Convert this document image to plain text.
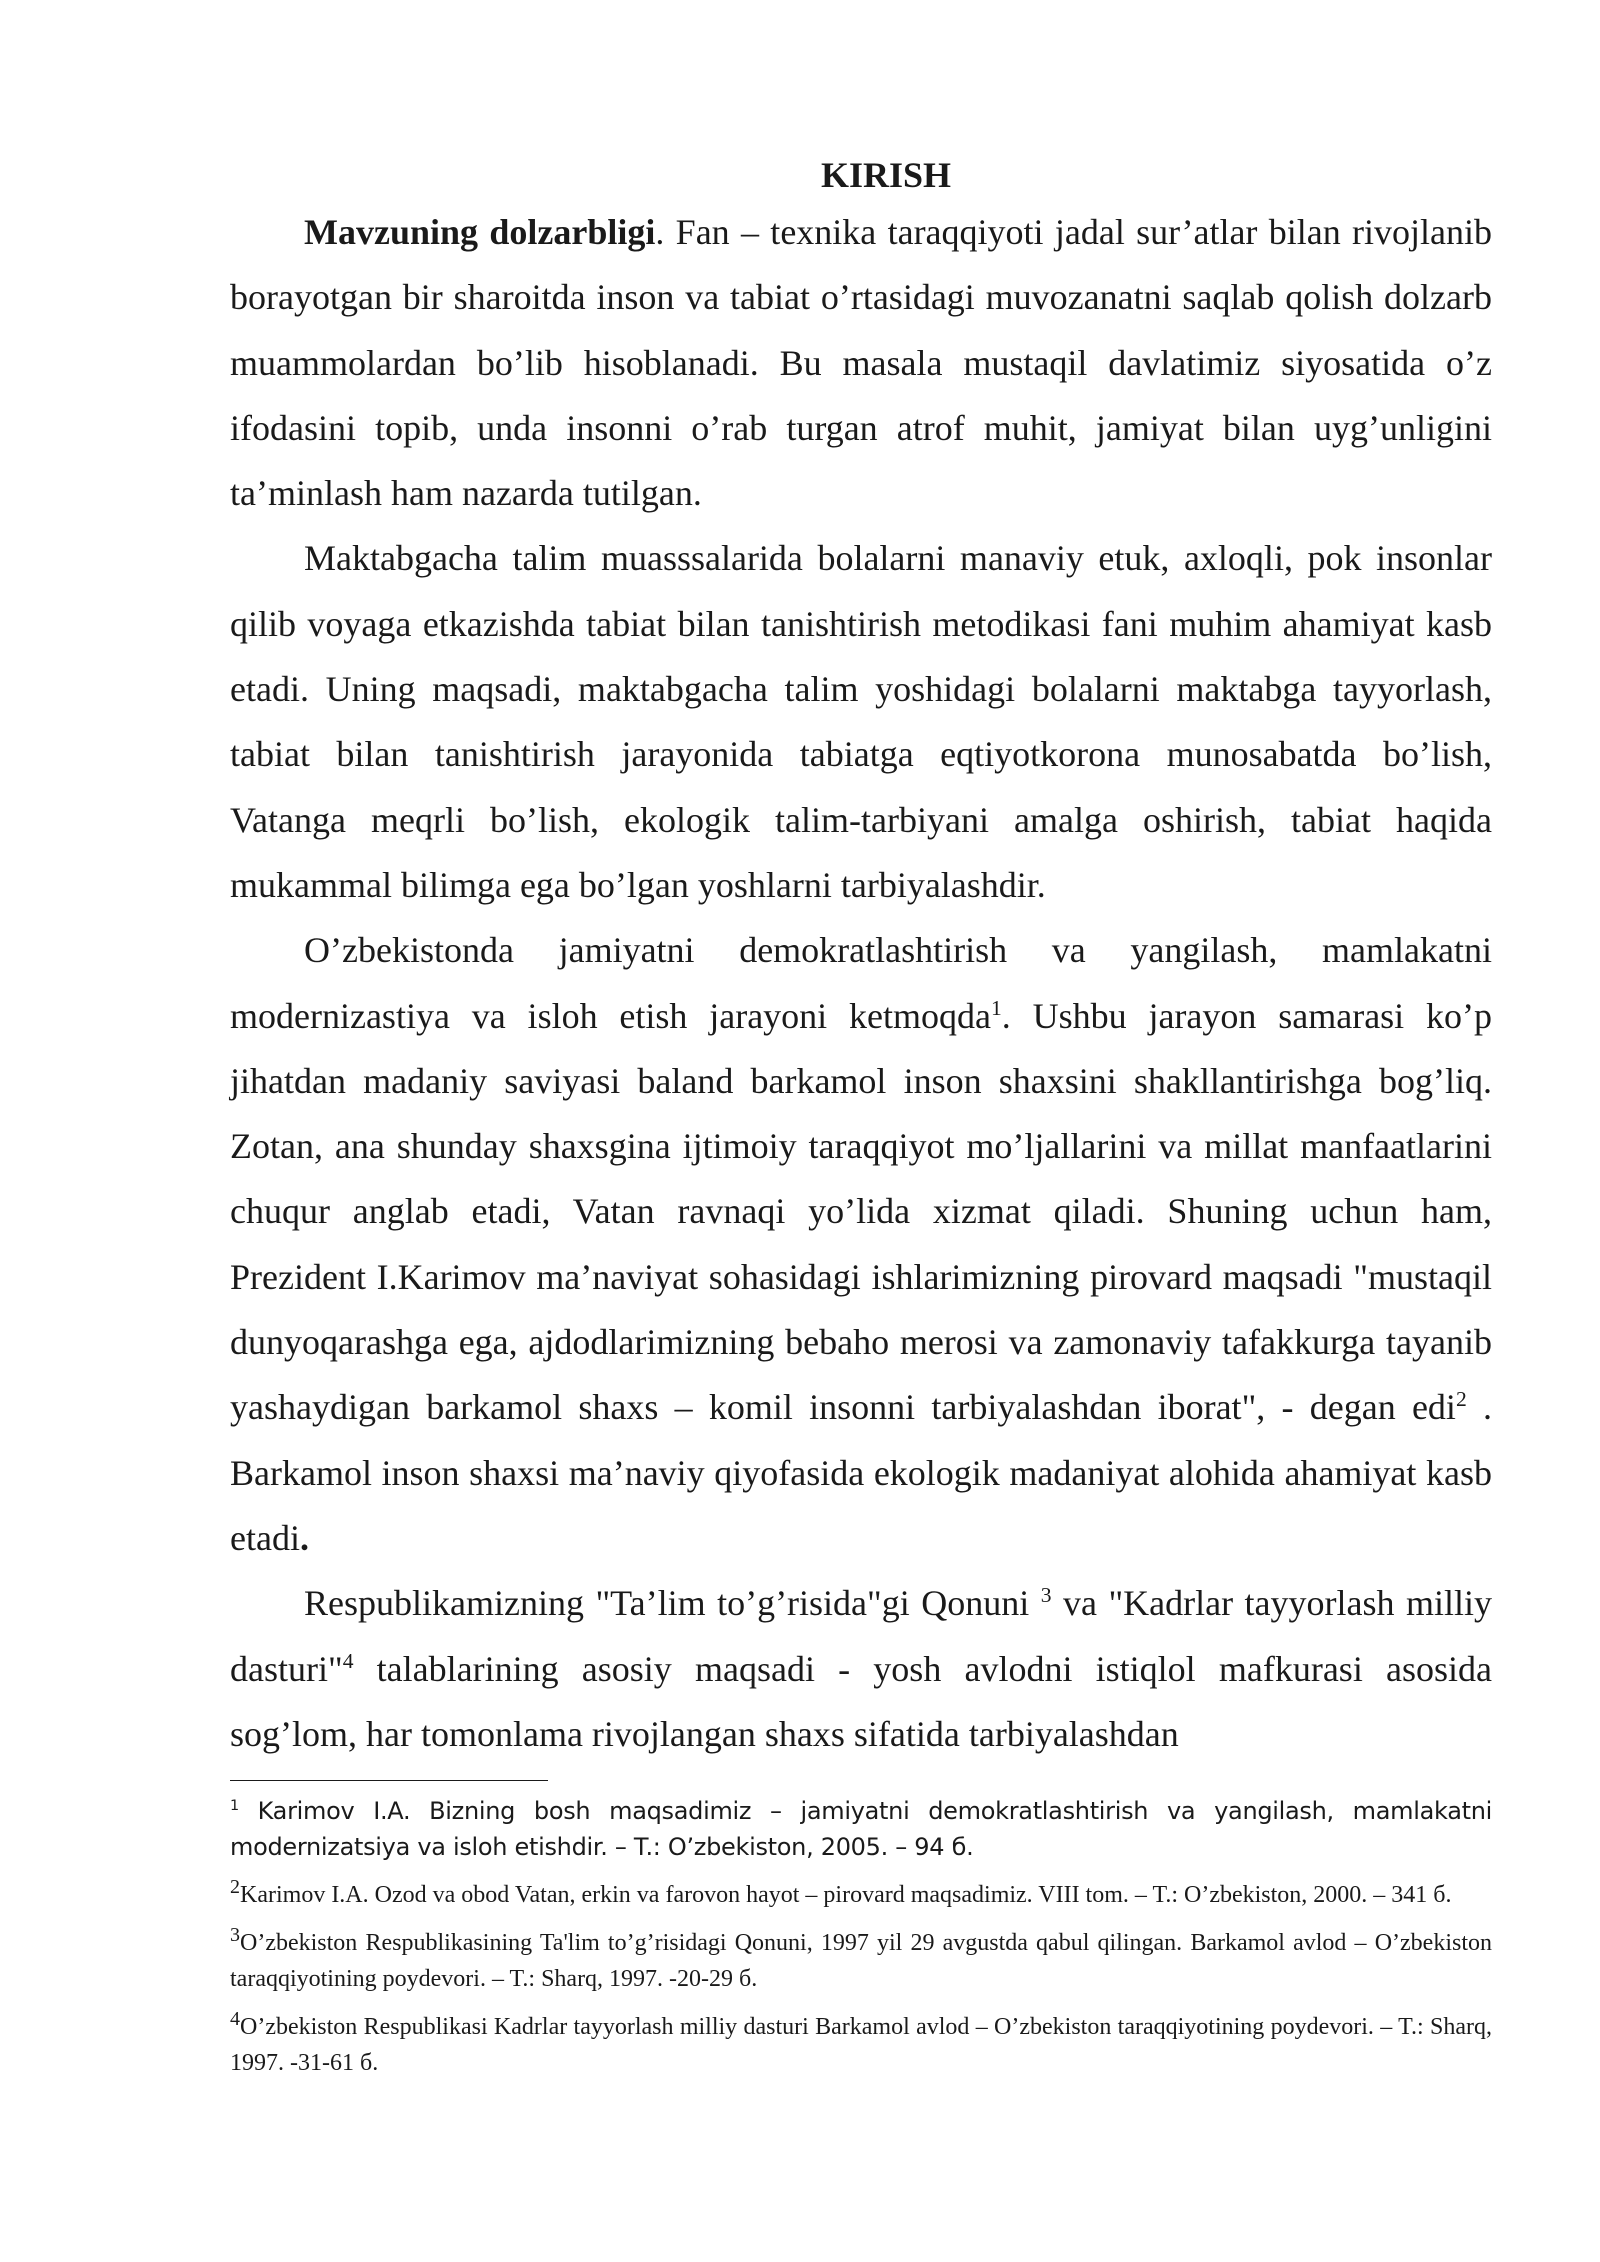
KIRISH

Mavzuning dolzarbligi. Fan – texnika taraqqiyoti jadal sur’atlar bilan rivojlanib borayotgan bir sharoitda inson va tabiat o’rtasidagi muvozanatni saqlab qolish dolzarb muammolardan bo’lib hisoblanadi. Bu masala mustaqil davlatimiz siyosatida o’z ifodasini topib, unda insonni o’rab turgan atrof muhit, jamiyat bilan uyg’unligini ta’minlash ham nazarda tutilgan.

Maktabgacha talim muasssalarida bolalarni manaviy etuk, axloqli, pok insonlar qilib voyaga etkazishda tabiat bilan tanishtirish metodikasi fani muhim ahamiyat kasb etadi. Uning maqsadi, maktabgacha talim yoshidagi bolalarni maktabga tayyorlash, tabiat bilan tanishtirish jarayonida tabiatga eqtiyotkorona munosabatda bo’lish, Vatanga meqrli bo’lish, ekologik talim-tarbiyani amalga oshirish, tabiat haqida mukammal bilimga ega bo’lgan yoshlarni tarbiyalashdir.

O’zbekistonda jamiyatni demokratlashtirish va yangilash, mamlakatni modernizastiya va isloh etish jarayoni ketmoqda$^1$. Ushbu jarayon samarasi ko’p jihatdan madaniy saviyasi baland barkamol inson shaxsini shakllantirishga bog’liq. Zotan, ana shunday shaxsgina ijtimoiy taraqqiyot mo’ljallarini va millat manfaatlarini chuqur anglab etadi, Vatan ravnaqi yo’lida xizmat qiladi. Shuning uchun ham, Prezident I.Karimov ma’naviyat sohasidagi ishlarimizning pirovard maqsadi "mustaqil dunyoqarashga ega, ajdodlarimizning bebaho merosi va zamonaviy tafakkurga tayanib yashaydigan barkamol shaxs – komil insonni tarbiyalashdan iborat", - degan edi$^2$ . Barkamol inson shaxsi ma’naviy qiyofasida ekologik madaniyat alohida ahamiyat kasb etadi.

Respublikamizning "Ta’lim to’g’risida"gi Qonuni $^3$ va "Kadrlar tayyorlash milliy dasturi"$^4$ talablarining asosiy maqsadi - yosh avlodni istiqlol mafkurasi asosida sog’lom, har tomonlama rivojlangan shaxs sifatida tarbiyalashdan

$^1$ Karimov I.A. Bizning bosh maqsadimiz – jamiyatni demokratlashtirish va yangilash, mamlakatni modernizatsiya va isloh etishdir. – T.: O’zbekiston, 2005. – 94 б.

$^2$Karimov I.A. Ozod va obod Vatan, erkin va farovon hayot – pirovard maqsadimiz. VIII tom. – T.: O’zbekiston, 2000. – 341 б.

$^3$O’zbekiston Respublikasining Ta'lim to’g’risidagi Qonuni, 1997 yil 29 avgustda qabul qilingan. Barkamol avlod – O’zbekiston taraqqiyotining poydevori. – T.: Sharq, 1997. -20-29 б.

$^4$O’zbekiston Respublikasi Kadrlar tayyorlash milliy dasturi Barkamol avlod – O’zbekiston taraqqiyotining poydevori. – T.: Sharq, 1997. -31-61 б.
